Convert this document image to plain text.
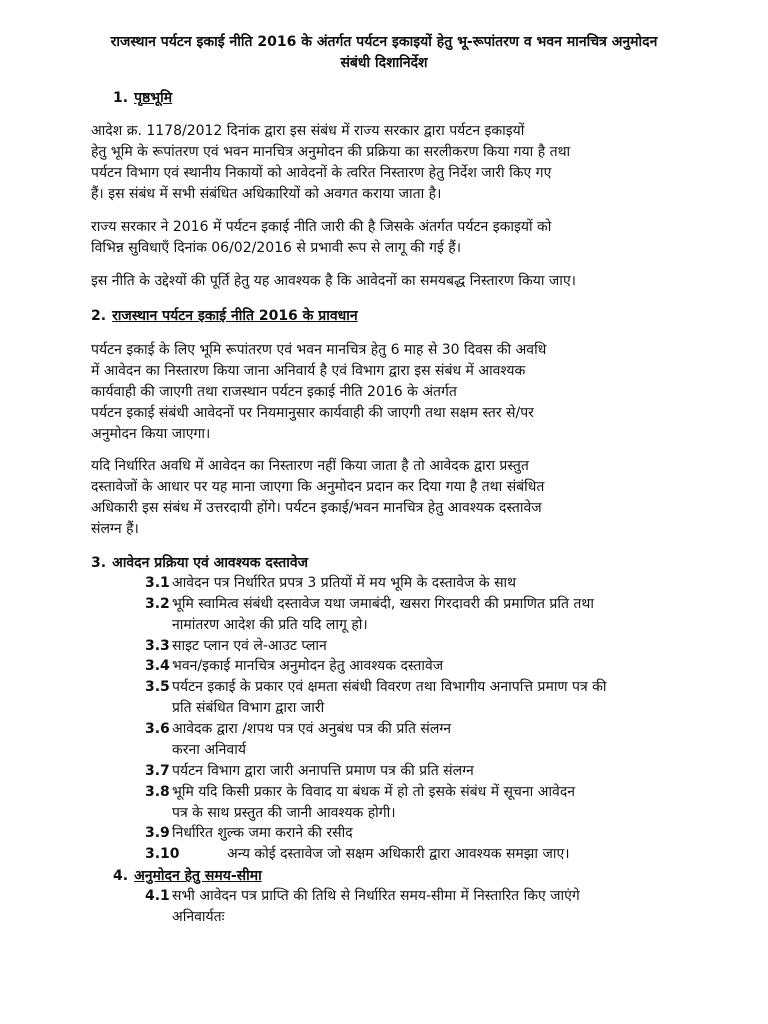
राजस्थान पर्यटन इकाई नीति 2016 के अंतर्गत पर्यटन इकाइयों हेतु भू-रूपांतरण व भवन मानचित्र अनुमोदन
संबंधी दिशानिर्देश
1. पृष्ठभूमि
आदेश क्र. 1178/2012 दिनांक द्वारा इस संबंध में राज्य सरकार द्वारा पर्यटन इकाइयों
हेतु भूमि के रूपांतरण एवं भवन मानचित्र अनुमोदन की प्रक्रिया का सरलीकरण किया गया है तथा
पर्यटन विभाग एवं स्थानीय निकायों को आवेदनों के त्वरित निस्तारण हेतु निर्देश जारी किए गए
हैं। इस संबंध में सभी संबंधित अधिकारियों को अवगत कराया जाता है।
राज्य सरकार ने 2016 में पर्यटन इकाई नीति जारी की है जिसके अंतर्गत पर्यटन इकाइयों को
विभिन्न सुविधाएँ दिनांक 06/02/2016 से प्रभावी रूप से लागू की गई हैं।
इस नीति के उद्देश्यों की पूर्ति हेतु यह आवश्यक है कि आवेदनों का समयबद्ध निस्तारण किया जाए।
2. राजस्थान पर्यटन इकाई नीति 2016 के प्रावधान
पर्यटन इकाई के लिए भूमि रूपांतरण एवं भवन मानचित्र हेतु 6 माह से 30 दिवस की अवधि
में आवेदन का निस्तारण किया जाना अनिवार्य है एवं विभाग द्वारा इस संबंध में आवश्यक
कार्यवाही की जाएगी तथा राजस्थान पर्यटन इकाई नीति 2016 के अंतर्गत
पर्यटन इकाई संबंधी आवेदनों पर नियमानुसार कार्यवाही की जाएगी तथा सक्षम स्तर से/पर
अनुमोदन किया जाएगा।
यदि निर्धारित अवधि में आवेदन का निस्तारण नहीं किया जाता है तो आवेदक द्वारा प्रस्तुत
दस्तावेजों के आधार पर यह माना जाएगा कि अनुमोदन प्रदान कर दिया गया है तथा संबंधित
अधिकारी इस संबंध में उत्तरदायी होंगे। पर्यटन इकाई/भवन मानचित्र हेतु आवश्यक दस्तावेज
संलग्न हैं।
3. आवेदन प्रक्रिया एवं आवश्यक दस्तावेज
3.1 आवेदन पत्र निर्धारित प्रपत्र 3 प्रतियों में मय भूमि के दस्तावेज के साथ
3.2 भूमि स्वामित्व संबंधी दस्तावेज यथा जमाबंदी, खसरा गिरदावरी की प्रमाणित प्रति तथा
नामांतरण आदेश की प्रति यदि लागू हो।
3.3 साइट प्लान एवं ले-आउट प्लान
3.4 भवन/इकाई मानचित्र अनुमोदन हेतु आवश्यक दस्तावेज
3.5 पर्यटन इकाई के प्रकार एवं क्षमता संबंधी विवरण तथा विभागीय अनापत्ति प्रमाण पत्र की
प्रति संबंधित विभाग द्वारा जारी
3.6 आवेदक द्वारा /शपथ पत्र एवं अनुबंध पत्र की प्रति संलग्न
करना अनिवार्य
3.7 पर्यटन विभाग द्वारा जारी अनापत्ति प्रमाण पत्र की प्रति संलग्न
3.8 भूमि यदि किसी प्रकार के विवाद या बंधक में हो तो इसके संबंध में सूचना आवेदन
पत्र के साथ प्रस्तुत की जानी आवश्यक होगी।
3.9 निर्धारित शुल्क जमा कराने की रसीद
3.10	अन्य कोई दस्तावेज जो सक्षम अधिकारी द्वारा आवश्यक समझा जाए।
4. अनुमोदन हेतु समय-सीमा
4.1 सभी आवेदन पत्र प्राप्ति की तिथि से निर्धारित समय-सीमा में निस्तारित किए जाएंगे
अनिवार्यतः
